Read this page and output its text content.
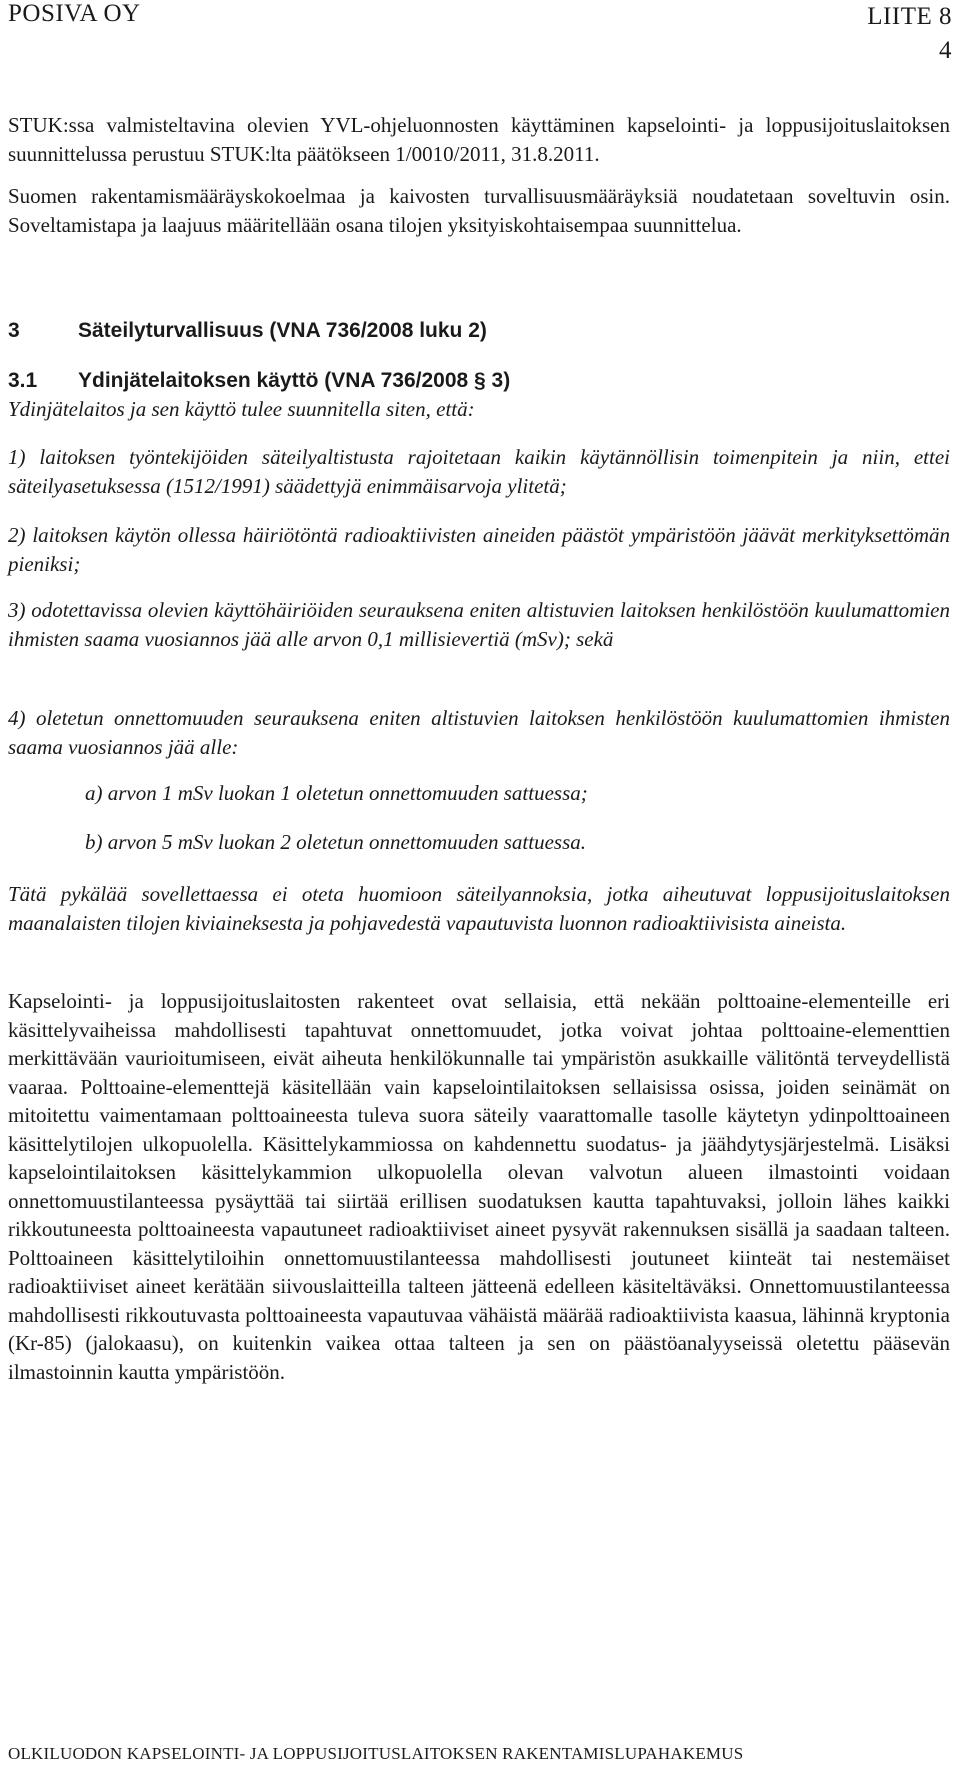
POSIVA OY	LIITE 8
4
STUK:ssa valmisteltavina olevien YVL-ohjeluonnosten käyttäminen kapselointi- ja loppusijoituslaitoksen suunnittelussa perustuu STUK:lta päätökseen 1/0010/2011, 31.8.2011.
Suomen rakentamismääräyskokoelmaa ja kaivosten turvallisuusmääräyksiä noudatetaan soveltuvin osin. Soveltamistapa ja laajuus määritellään osana tilojen yksityiskohtaisempaa suunnittelua.
3	Säteilyturvallisuus (VNA 736/2008 luku 2)
3.1 Ydinjätelaitoksen käyttö (VNA 736/2008 § 3)
Ydinjätelaitos ja sen käyttö tulee suunnitella siten, että:
1) laitoksen työntekijöiden säteilyaltistusta rajoitetaan kaikin käytännöllisin toimenpitein ja niin, ettei säteilyasetuksessa (1512/1991) säädettyjä enimmäisarvoja ylitetä;
2) laitoksen käytön ollessa häiriötöntä radioaktiivisten aineiden päästöt ympäristöön jäävät merkityksettömän pieniksi;
3) odotettavissa olevien käyttöhäiriöiden seurauksena eniten altistuvien laitoksen henkilöstöön kuulumattomien ihmisten saama vuosiannos jää alle arvon 0,1 millisievertiä (mSv); sekä
4) oletetun onnettomuuden seurauksena eniten altistuvien laitoksen henkilöstöön kuulumattomien ihmisten saama vuosiannos jää alle:
a) arvon 1 mSv luokan 1 oletetun onnettomuuden sattuessa;
b) arvon 5 mSv luokan 2 oletetun onnettomuuden sattuessa.
Tätä pykälää sovellettaessa ei oteta huomioon säteilyannoksia, jotka aiheutuvat loppusijoituslaitoksen maanalaisten tilojen kiviaineksesta ja pohjavedestä vapautuvista luonnon radioaktiivisista aineista.
Kapselointi- ja loppusijoituslaitosten rakenteet ovat sellaisia, että nekään polttoaine-elementeille eri käsittelyvaiheissa mahdollisesti tapahtuvat onnettomuudet, jotka voivat johtaa polttoaine-elementtien merkittävään vaurioitumiseen, eivät aiheuta henkilökunnalle tai ympäristön asukkaille välitöntä terveydellistä vaaraa. Polttoaine-elementtejä käsitellään vain kapselointilaitoksen sellaisissa osissa, joiden seinämät on mitoitettu vaimentamaan polttoaineesta tuleva suora säteily vaarattomalle tasolle käytetyn ydinpolttoaineen käsittelytilojen ulkopuolella. Käsittelykammiossa on kahdennettu suodatus- ja jäähdytysjärjestelmä. Lisäksi kapselointilaitoksen käsittelykammion ulkopuolella olevan valvotun alueen ilmastointi voidaan onnettomuustilanteessa pysäyttää tai siirtää erillisen suodatuksen kautta tapahtuvaksi, jolloin lähes kaikki rikkoutuneesta polttoaineesta vapautuneet radioaktiiviset aineet pysyvät rakennuksen sisällä ja saadaan talteen. Polttoaineen käsittelytiloihin onnettomuustilanteessa mahdollisesti joutuneet kiinteät tai nestemäiset radioaktiiviset aineet kerätään siivouslaitteilla talteen jätteenä edelleen käsiteltäväksi. Onnettomuustilanteessa mahdollisesti rikkoutuvasta polttoaineesta vapautuvaa vähäistä määrää radioaktiivista kaasua, lähinnä kryptonia (Kr-85) (jalokaasu), on kuitenkin vaikea ottaa talteen ja sen on päästöanalyyseissä oletettu pääsevän ilmastoinnin kautta ympäristöön.
OLKILUODON KAPSELOINTI- JA LOPPUSIJOITUSLAITOKSEN RAKENTAMISLUPAHAKEMUS
